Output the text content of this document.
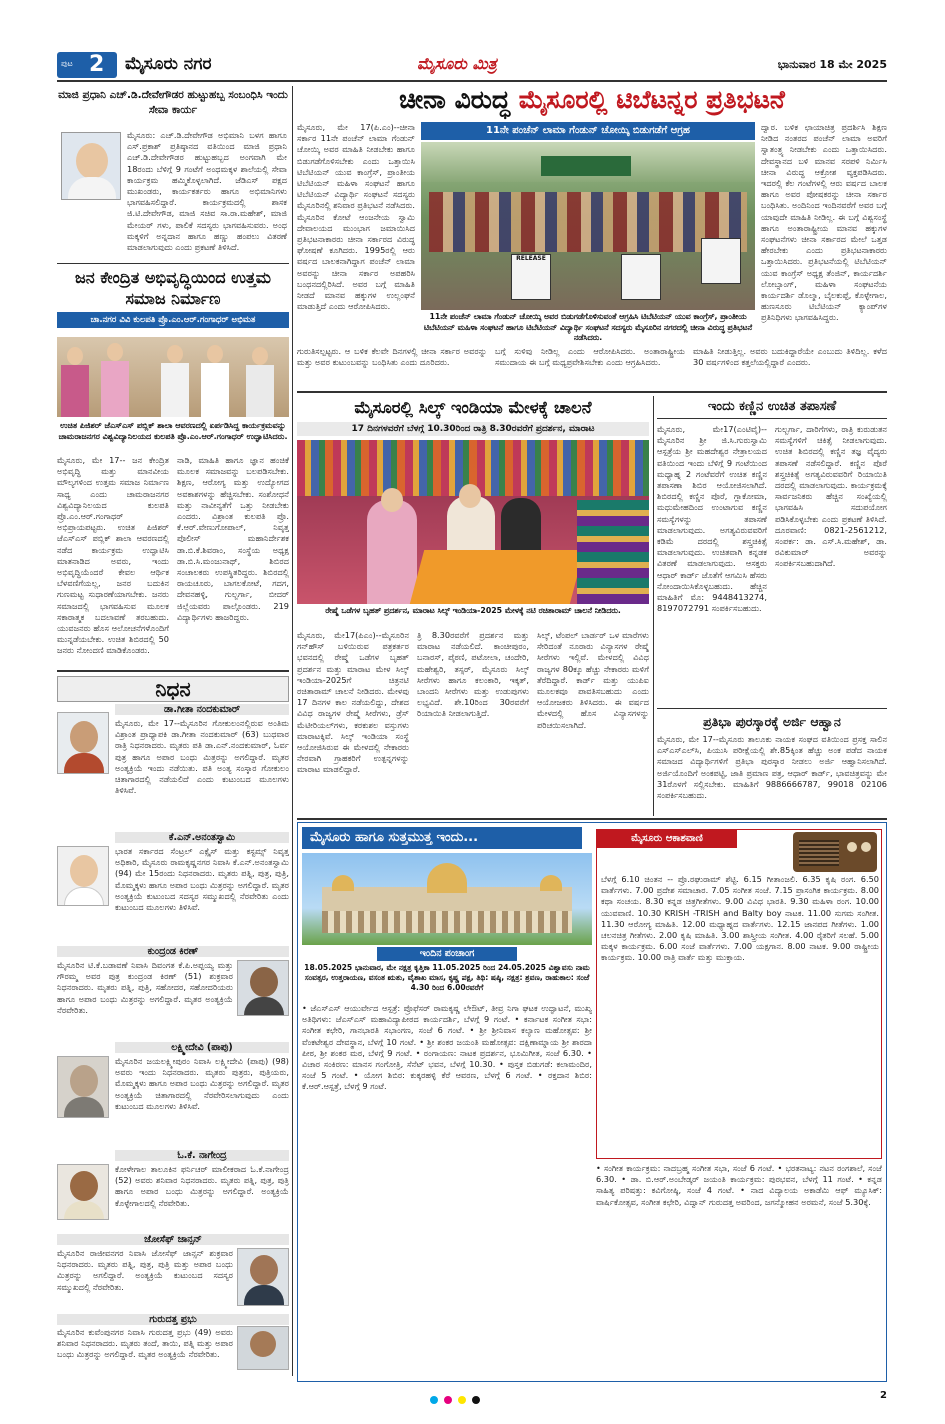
ಪುಟ 2 ಮೈಸೂರು ನಗರ	ಮೈಸೂರು ಮಿತ್ರ	ಭಾನುವಾರ 18 ಮೇ 2025
ಮಾಜಿ ಪ್ರಧಾನಿ ಎಚ್.ಡಿ.ದೇವೇಗೌಡರ ಹುಟ್ಟುಹಬ್ಬ ಸಂಬಂಧಿಸಿ ಇಂದು ಸೇವಾ ಕಾರ್ಯ
ಮೈಸೂರು: ಎಚ್.ಡಿ.ದೇವೇಗೌಡ ಅಭಿಮಾನಿ ಬಳಗ ಹಾಗೂ ಎಸ್.ಪ್ರಕಾಶ್ ಪ್ರತಿಷ್ಠಾನದ ವತಿಯಿಂದ ಮಾಜಿ ಪ್ರಧಾನಿ ಎಚ್.ಡಿ.ದೇವೇಗೌಡರ ಹುಟ್ಟುಹಬ್ಬದ ಅಂಗವಾಗಿ ಮೇ 18ರಂದು ಬೆಳಿಗ್ಗೆ 9 ಗಂಟೆಗೆ ಅಂಧಮಕ್ಕಳ ಶಾಲೆಯಲ್ಲಿ ಸೇವಾ ಕಾರ್ಯಕ್ರಮ ಹಮ್ಮಿಕೊಳ್ಳಲಾಗಿದೆ. ಜೆಡಿಎಸ್ ಪಕ್ಷದ ಮುಖಂಡರು, ಕಾರ್ಯಕರ್ತರು ಹಾಗೂ ಅಭಿಮಾನಿಗಳು ಭಾಗವಹಿಸಲಿದ್ದಾರೆ. ಕಾರ್ಯಕ್ರಮದಲ್ಲಿ ಶಾಸಕ ಜಿ.ಟಿ.ದೇವೇಗೌಡ, ಮಾಜಿ ಸಚಿವ ಸಾ.ರಾ.ಮಹೇಶ್, ಮಾಜಿ ಮೇಯರ್ ಗಳು, ಪಾಲಿಕೆ ಸದಸ್ಯರು ಭಾಗವಹಿಸುವರು. ಅಂಧ ಮಕ್ಕಳಿಗೆ ಅನ್ನದಾನ ಹಾಗೂ ಹಣ್ಣು ಹಂಪಲು ವಿತರಣೆ ಮಾಡಲಾಗುವುದು ಎಂದು ಪ್ರಕಟಣೆ ತಿಳಿಸಿದೆ.
ಜನ ಕೇಂದ್ರಿತ ಅಭಿವೃದ್ಧಿಯಿಂದ ಉತ್ತಮ ಸಮಾಜ ನಿರ್ಮಾಣ
ಚಾ.ನಗರ ವಿವಿ ಕುಲಪತಿ ಪ್ರೊ.ಎಂ.ಆರ್.ಗಂಗಾಧರ್ ಅಭಿಮತ
ಉಚಿತ ಪಿಜಿಶರ್ ಜೆಎಸ್ಎಸ್ ಪಬ್ಲಿಕ್ ಶಾಲಾ ಆವರಣದಲ್ಲಿ ಏರ್ಪಡಿಸಿದ್ದ ಕಾರ್ಯಕ್ರಮವನ್ನು ಚಾಮರಾಜನಗರ ವಿಶ್ವವಿದ್ಯಾನಿಲಯದ ಕುಲಪತಿ ಪ್ರೊ.ಎಂ.ಆರ್.ಗಂಗಾಧರ್ ಉದ್ಘಾಟಿಸಿದರು.
ಮೈಸೂರು, ಮೇ 17-- ಜನ ಕೇಂದ್ರಿತ ಅಭಿವೃದ್ಧಿ ಮತ್ತು ಮಾನವೀಯ ಮೌಲ್ಯಗಳಿಂದ ಉತ್ತಮ ಸಮಾಜ ನಿರ್ಮಾಣ ಸಾಧ್ಯ ಎಂದು ಚಾಮರಾಜನಗರ ವಿಶ್ವವಿದ್ಯಾನಿಲಯದ ಕುಲಪತಿ ಪ್ರೊ.ಎಂ.ಆರ್.ಗಂಗಾಧರ್ ಅಭಿಪ್ರಾಯಪಟ್ಟರು. ಉಚಿತ ಪಿಜಿಶರ್ ಜೆಎಸ್ಎಸ್ ಪಬ್ಲಿಕ್ ಶಾಲಾ ಆವರಣದಲ್ಲಿ ನಡೆದ ಕಾರ್ಯಕ್ರಮ ಉದ್ಘಾಟಿಸಿ ಮಾತನಾಡಿದ ಅವರು, ಇಂದು ಅಭಿವೃದ್ಧಿಯೆಂದರೆ ಕೇವಲ ಆರ್ಥಿಕ ಬೆಳವಣಿಗೆಯಲ್ಲ, ಜನರ ಬದುಕಿನ ಗುಣಮಟ್ಟ ಸುಧಾರಣೆಯಾಗಬೇಕು. ಜನರು ಸಮಾಜದಲ್ಲಿ ಭಾಗವಹಿಸುವ ಮೂಲಕ ಸಕಾರಾತ್ಮಕ ಬದಲಾವಣೆ ತರಬಹುದು. ಯುವಜನರು ಹೊಸ ಆಲೋಚನೆಗಳೊಂದಿಗೆ ಮುನ್ನಡೆಯಬೇಕು. ಉಚಿತ ಶಿಬಿರದಲ್ಲಿ 50 ಜನರು ನೋಂದಣಿ ಮಾಡಿಕೊಂಡರು.
ನಾಡಿ, ಮಾಹಿತಿ ಹಾಗೂ ಜ್ಞಾನ ಹಂಚಿಕೆ ಮೂಲಕ ಸಮಾಜವನ್ನು ಬಲಪಡಿಸಬೇಕು. ಶಿಕ್ಷಣ, ಆರೋಗ್ಯ ಮತ್ತು ಉದ್ಯೋಗದ ಅವಕಾಶಗಳನ್ನು ಹೆಚ್ಚಿಸಬೇಕು. ಸಂಶೋಧನೆ ಮತ್ತು ನಾವೀನ್ಯತೆಗೆ ಒತ್ತು ನೀಡಬೇಕು ಎಂದರು. ವಿಶ್ರಾಂತ ಕುಲಪತಿ ಪ್ರೊ. ಕೆ.ಆರ್.ವೇಣುಗೋಪಾಲ್, ನಿವೃತ್ತ ಪೊಲೀಸ್ ಮಹಾನಿರ್ದೇಶಕ ಡಾ.ಬಿ.ಕೆ.ಶಿವರಾಂ, ಸಂಸ್ಥೆಯ ಅಧ್ಯಕ್ಷ ಡಾ.ಬಿ.ಸಿ.ಮಂಜುನಾಥ್, ಶಿಬಿರದ ಸಂಚಾಲಕರು ಉಪಸ್ಥಿತರಿದ್ದರು. ಶಿಬಿರದಲ್ಲಿ ರಾಯಚೂರು, ಬಾಗಲಕೋಟೆ, ಗದಗ, ದೇವನಹಳ್ಳಿ, ಗುಲ್ಬರ್ಗಾ, ಬೀದರ್ ಜಿಲ್ಲೆಯವರು ಪಾಲ್ಗೊಂಡರು. 219 ವಿದ್ಯಾರ್ಥಿಗಳು ಹಾಜರಿದ್ದರು.
ನಿಧನ
ಡಾ.ಗೀತಾ ನಂದಕುಮಾರ್
ಮೈಸೂರು, ಮೇ 17--ಮೈಸೂರಿನ ಗೋಕುಲಂನಲ್ಲಿರುವ ಅಂತಿಮ ವಿಶ್ರಾಂತ ಪ್ರಾಧ್ಯಾಪಕಿ ಡಾ.ಗೀತಾ ನಂದಕುಮಾರ್ (63) ಬುಧವಾರ ರಾತ್ರಿ ನಿಧನರಾದರು. ಮೃತರು ಪತಿ ಡಾ.ಎನ್.ನಂದಕುಮಾರ್, ಓರ್ವ ಪುತ್ರ ಹಾಗೂ ಅಪಾರ ಬಂಧು ಮಿತ್ರರನ್ನು ಅಗಲಿದ್ದಾರೆ. ಮೃತರ ಅಂತ್ಯಕ್ರಿಯೆ ಇಂದು ನಡೆಯಿತು. ಪತಿ ಅಂತ್ಯ ಸಂಸ್ಕಾರ ಗೋಕುಲಂ ಚಿತಾಗಾರದಲ್ಲಿ ನಡೆಯಲಿದೆ ಎಂದು ಕುಟುಂಬದ ಮೂಲಗಳು ತಿಳಿಸಿವೆ.
ಕೆ.ಎನ್.ಅನಂತಸ್ವಾಮಿ
ಭಾರತ ಸರ್ಕಾರದ ಸೆಂಟ್ರಲ್ ಎಕ್ಸೈಸ್ ಮತ್ತು ಕಸ್ಟಮ್ಸ್ ನಿವೃತ್ತ ಅಧಿಕಾರಿ, ಮೈಸೂರು ರಾಮಕೃಷ್ಣನಗರ ನಿವಾಸಿ ಕೆ.ಎನ್.ಅನಂತಸ್ವಾಮಿ (94) ಮೇ 15ರಂದು ನಿಧನರಾದರು. ಮೃತರು ಪತ್ನಿ, ಪುತ್ರ, ಪುತ್ರಿ, ಮೊಮ್ಮಕ್ಕಳು ಹಾಗೂ ಅಪಾರ ಬಂಧು ಮಿತ್ರರನ್ನು ಅಗಲಿದ್ದಾರೆ. ಮೃತರ ಅಂತ್ಯಕ್ರಿಯೆ ಕುಟುಂಬದ ಸದಸ್ಯರ ಸಮ್ಮುಖದಲ್ಲಿ ನೆರವೇರಿತು ಎಂದು ಕುಟುಂಬದ ಮೂಲಗಳು ತಿಳಿಸಿವೆ.
ಕುಂದ್ರಂಡ ಕಿರಣ್
ಮೈಸೂರಿನ ಟಿ.ಕೆ.ಬಡಾವಣೆ ನಿವಾಸಿ ದಿವಂಗತ ಕೆ.ಪಿ.ಅಪ್ಪಯ್ಯ ಮತ್ತು ಗೌರಮ್ಮ ಅವರ ಪುತ್ರ ಕುಂದ್ರಂಡ ಕಿರಣ್ (51) ಶುಕ್ರವಾರ ನಿಧನರಾದರು. ಮೃತರು ಪತ್ನಿ, ಪುತ್ರಿ, ಸಹೋದರ, ಸಹೋದರಿಯರು ಹಾಗೂ ಅಪಾರ ಬಂಧು ಮಿತ್ರರನ್ನು ಅಗಲಿದ್ದಾರೆ. ಮೃತರ ಅಂತ್ಯಕ್ರಿಯೆ ನೆರವೇರಿತು.
ಲಕ್ಷ್ಮೀದೇವಿ (ಪಾಪು)
ಮೈಸೂರಿನ ಜಯಲಕ್ಷ್ಮೀಪುರಂ ನಿವಾಸಿ ಲಕ್ಷ್ಮೀದೇವಿ (ಪಾಪು) (98) ಅವರು ಇಂದು ನಿಧನರಾದರು. ಮೃತರು ಪುತ್ರರು, ಪುತ್ರಿಯರು, ಮೊಮ್ಮಕ್ಕಳು ಹಾಗೂ ಅಪಾರ ಬಂಧು ಮಿತ್ರರನ್ನು ಅಗಲಿದ್ದಾರೆ. ಮೃತರ ಅಂತ್ಯಕ್ರಿಯೆ ಚಿತಾಗಾರದಲ್ಲಿ ನೆರವೇರಿಸಲಾಗುವುದು ಎಂದು ಕುಟುಂಬದ ಮೂಲಗಳು ತಿಳಿಸಿವೆ.
ಓ.ಕೆ. ನಾಗೇಂದ್ರ
ಕೋಳೇಗಾಲ ತಾಲೂಕಿನ ಫರ್ನಿಚರ್ ಮಾಲೀಕರಾದ ಓ.ಕೆ.ನಾಗೇಂದ್ರ (52) ಅವರು ಶನಿವಾರ ನಿಧನರಾದರು. ಮೃತರು ಪತ್ನಿ, ಪುತ್ರ, ಪುತ್ರಿ ಹಾಗೂ ಅಪಾರ ಬಂಧು ಮಿತ್ರರನ್ನು ಅಗಲಿದ್ದಾರೆ. ಅಂತ್ಯಕ್ರಿಯೆ ಕೊಳ್ಳೇಗಾಲದಲ್ಲಿ ನೆರವೇರಿತು.
ಜೋಸೆಫ್ ಜಾನ್ಸನ್
ಮೈಸೂರಿನ ರಾಜೀವನಗರ ನಿವಾಸಿ ಜೋಸೆಫ್ ಜಾನ್ಸನ್ ಶುಕ್ರವಾರ ನಿಧನರಾದರು. ಮೃತರು ಪತ್ನಿ, ಪುತ್ರ, ಪುತ್ರಿ ಮತ್ತು ಅಪಾರ ಬಂಧು ಮಿತ್ರರನ್ನು ಅಗಲಿದ್ದಾರೆ. ಅಂತ್ಯಕ್ರಿಯೆ ಕುಟುಂಬದ ಸದಸ್ಯರ ಸಮ್ಮುಖದಲ್ಲಿ ನೆರವೇರಿತು.
ಗುರುದತ್ತ ಪ್ರಭು
ಮೈಸೂರಿನ ಕುವೆಂಪುನಗರ ನಿವಾಸಿ ಗುರುದತ್ತ ಪ್ರಭು (49) ಅವರು ಶನಿವಾರ ನಿಧನರಾದರು. ಮೃತರು ತಂದೆ, ತಾಯಿ, ಪತ್ನಿ ಮತ್ತು ಅಪಾರ ಬಂಧು ಮಿತ್ರರನ್ನು ಅಗಲಿದ್ದಾರೆ. ಮೃತರ ಅಂತ್ಯಕ್ರಿಯೆ ನೆರವೇರಿತು.
ಚೀನಾ ವಿರುದ್ಧ ಮೈಸೂರಲ್ಲಿ ಟಿಬೆಟನ್ನರ ಪ್ರತಿಭಟನೆ
ಮೈಸೂರು, ಮೇ 17(ಪಿ.ಎಂ)--ಚೀನಾ ಸರ್ಕಾರ 11ನೇ ಪಂಚೆನ್ ಲಾಮಾ ಗೆಂಡುನ್ ಚೋಯ್ಕಿ ಅವರ ಮಾಹಿತಿ ನೀಡಬೇಕು ಹಾಗೂ ಬಿಡುಗಡೆಗೊಳಿಸಬೇಕು ಎಂದು ಒತ್ತಾಯಿಸಿ ಟಿಬೆಟಿಯನ್ ಯುವ ಕಾಂಗ್ರೆಸ್, ಪ್ರಾಂತೀಯ ಟಿಬೆಟಿಯನ್ ಮಹಿಳಾ ಸಂಘಟನೆ ಹಾಗೂ ಟಿಬೆಟಿಯನ್ ವಿದ್ಯಾರ್ಥಿ ಸಂಘಟನೆ ಸದಸ್ಯರು ಮೈಸೂರಿನಲ್ಲಿ ಶನಿವಾರ ಪ್ರತಿಭಟನೆ ನಡೆಸಿದರು. ಮೈಸೂರಿನ ಕೋಟೆ ಆಂಜನೇಯ ಸ್ವಾಮಿ ದೇವಾಲಯದ ಮುಂಭಾಗ ಜಮಾಯಿಸಿದ ಪ್ರತಿಭಟನಾಕಾರರು ಚೀನಾ ಸರ್ಕಾರದ ವಿರುದ್ಧ ಘೋಷಣೆ ಕೂಗಿದರು. 1995ರಲ್ಲಿ ಆರು ವರ್ಷದ ಬಾಲಕನಾಗಿದ್ದಾಗ ಪಂಚೆನ್ ಲಾಮಾ ಅವರನ್ನು ಚೀನಾ ಸರ್ಕಾರ ಅಪಹರಿಸಿ ಬಂಧನದಲ್ಲಿರಿಸಿದೆ. ಅವರ ಬಗ್ಗೆ ಮಾಹಿತಿ ನೀಡದೆ ಮಾನವ ಹಕ್ಕುಗಳ ಉಲ್ಲಂಘನೆ ಮಾಡುತ್ತಿದೆ ಎಂದು ಆರೋಪಿಸಿದರು.
11ನೇ ಪಂಚೆನ್ ಲಾಮಾ ಗೆಂಡುನ್ ಚೋಯ್ಕಿ ಬಿಡುಗಡೆಗೆ ಆಗ್ರಹ
RELEASE
11ನೇ ಪಂಚೆನ್ ಲಾಮಾ ಗೆಂಡುನ್ ಚೋಯ್ಕಿ ಅವರ ಬಿಡುಗಡೆಗೊಳಿಸುವಂತೆ ಆಗ್ರಹಿಸಿ ಟಿಬೆಟಿಯನ್ ಯುವ ಕಾಂಗ್ರೆಸ್, ಪ್ರಾಂತೀಯ ಟಿಬೆಟಿಯನ್ ಮಹಿಳಾ ಸಂಘಟನೆ ಹಾಗೂ ಟಿಬೆಟಿಯನ್ ವಿದ್ಯಾರ್ಥಿ ಸಂಘಟನೆ ಸದಸ್ಯರು ಮೈಸೂರಿನ ನಗರದಲ್ಲಿ ಚೀನಾ ವಿರುದ್ಧ ಪ್ರತಿಭಟನೆ ನಡೆಸಿದರು.
ದ್ವಾರ. ಬಳಿಕ ಛಾಯಾಚಿತ್ರ ಪ್ರದರ್ಶಿಸಿ ಶಿಕ್ಷಣ ನೀಡಿದ ನಂತರದ ಪಂಚೆನ್ ಲಾಮಾ ಅವರಿಗೆ ಸ್ವಾತಂತ್ರ್ಯ ನೀಡಬೇಕು ಎಂದು ಒತ್ತಾಯಿಸಿದರು. ದೇವಸ್ಥಾನದ ಬಳಿ ಮಾನವ ಸರಪಳಿ ನಿರ್ಮಿಸಿ ಚೀನಾ ವಿರುದ್ಧ ಆಕ್ರೋಶ ವ್ಯಕ್ತಪಡಿಸಿದರು. ಇದರಲ್ಲಿ ಕೆಲ ಗಂಟೆಗಳಲ್ಲಿ ಆರು ವರ್ಷದ ಬಾಲಕ ಹಾಗೂ ಅವರ ಪೋಷಕರನ್ನು ಚೀನಾ ಸರ್ಕಾರ ಬಂಧಿಸಿತು. ಅಂದಿನಿಂದ ಇಂದಿನವರೆಗೆ ಅವರ ಬಗ್ಗೆ ಯಾವುದೇ ಮಾಹಿತಿ ನೀಡಿಲ್ಲ. ಈ ಬಗ್ಗೆ ವಿಶ್ವಸಂಸ್ಥೆ ಹಾಗೂ ಅಂತಾರಾಷ್ಟ್ರೀಯ ಮಾನವ ಹಕ್ಕುಗಳ ಸಂಘಟನೆಗಳು ಚೀನಾ ಸರ್ಕಾರದ ಮೇಲೆ ಒತ್ತಡ ಹೇರಬೇಕು ಎಂದು ಪ್ರತಿಭಟನಾಕಾರರು ಒತ್ತಾಯಿಸಿದರು. ಪ್ರತಿಭಟನೆಯಲ್ಲಿ ಟಿಬೆಟಿಯನ್ ಯುವ ಕಾಂಗ್ರೆಸ್ ಅಧ್ಯಕ್ಷ ತೆಂಜಿನ್, ಕಾರ್ಯದರ್ಶಿ ಲೋಬ್ಸಾಂಗ್, ಮಹಿಳಾ ಸಂಘಟನೆಯ ಕಾರ್ಯದರ್ಶಿ ಡೊಲ್ಮಾ, ಬೈಲಕುಪ್ಪೆ, ಕೊಳ್ಳೇಗಾಲ, ಹುಣಸೂರು ಟಿಬೆಟಿಯನ್ ಕ್ಯಾಂಪ್‌ಗಳ ಪ್ರತಿನಿಧಿಗಳು ಭಾಗವಹಿಸಿದ್ದರು.
ಗುರುತಿಸಲ್ಪಟ್ಟರು. ಆ ಬಳಿಕ ಕೆಲವೇ ದಿನಗಳಲ್ಲಿ ಚೀನಾ ಸರ್ಕಾರ ಅವರನ್ನು ಮತ್ತು ಅವರ ಕುಟುಂಬವನ್ನು ಬಂಧಿಸಿತು ಎಂದು ದೂರಿದರು.
ಬಗ್ಗೆ ಸುಳಿವು ನೀಡಿಲ್ಲ ಎಂದು ಆರೋಪಿಸಿದರು. ಅಂತಾರಾಷ್ಟ್ರೀಯ ಸಮುದಾಯ ಈ ಬಗ್ಗೆ ಮಧ್ಯಪ್ರವೇಶಿಸಬೇಕು ಎಂದು ಆಗ್ರಹಿಸಿದರು.
ಮಾಹಿತಿ ನೀಡುತ್ತಿಲ್ಲ. ಅವರು ಬದುಕಿದ್ದಾರೆಯೇ ಎಂಬುದು ತಿಳಿದಿಲ್ಲ. ಕಳೆದ 30 ವರ್ಷಗಳಿಂದ ಕತ್ತಲೆಯಲ್ಲಿದ್ದಾರೆ ಎಂದರು.
ಮೈಸೂರಲ್ಲಿ ಸಿಲ್ಕ್ ಇಂಡಿಯಾ ಮೇಳಕ್ಕೆ ಚಾಲನೆ
17 ದಿನಗಳವರೆಗೆ ಬೆಳಗ್ಗೆ 10.30ರಿಂದ ರಾತ್ರಿ 8.30ರವರೆಗೆ ಪ್ರದರ್ಶನ, ಮಾರಾಟ
ರೇಷ್ಮೆ ಒಡೆಗಳ ಬೃಹತ್ ಪ್ರದರ್ಶನ, ಮಾರಾಟ ಸಿಲ್ಕ್ ಇಂಡಿಯಾ-2025 ಮೇಳಕ್ಕೆ ನಟಿ ರಚಿತಾರಾಮ್ ಚಾಲನೆ ನೀಡಿದರು.
ಮೈಸೂರು, ಮೇ17(ಪಿಎಂ)--ಮೈಸೂರಿನ ಗನ್‌ಹೌಸ್ ಬಳಿಯಿರುವ ಪತ್ರಕರ್ತರ ಭವನದಲ್ಲಿ ರೇಷ್ಮೆ ಒಡೆಗಳ ಬೃಹತ್ ಪ್ರದರ್ಶನ ಮತ್ತು ಮಾರಾಟ ಮೇಳ ಸಿಲ್ಕ್ ಇಂಡಿಯಾ-2025ಗೆ ಚಿತ್ರನಟಿ ರಚಿತಾರಾಮ್ ಚಾಲನೆ ನೀಡಿದರು. ಮೇಳವು 17 ದಿನಗಳ ಕಾಲ ನಡೆಯಲಿದ್ದು, ದೇಶದ ವಿವಿಧ ರಾಜ್ಯಗಳ ರೇಷ್ಮೆ ಸೀರೆಗಳು, ಡ್ರೆಸ್ ಮೆಟೀರಿಯಲ್‌ಗಳು, ಕರಕುಶಲ ವಸ್ತುಗಳು ಮಾರಾಟಕ್ಕಿವೆ. ಸಿಲ್ಕ್ ಇಂಡಿಯಾ ಸಂಸ್ಥೆ ಆಯೋಜಿಸಿರುವ ಈ ಮೇಳದಲ್ಲಿ ನೇಕಾರರು ನೇರವಾಗಿ ಗ್ರಾಹಕರಿಗೆ ಉತ್ಪನ್ನಗಳನ್ನು ಮಾರಾಟ ಮಾಡಲಿದ್ದಾರೆ.
ತ್ರಿ 8.30ರವರೆಗೆ ಪ್ರದರ್ಶನ ಮತ್ತು ಮಾರಾಟ ನಡೆಯಲಿದೆ. ಕಾಂಚೀಪುರಂ, ಬನಾರಸ್, ಪೈಠಣಿ, ಪಟೋಲಾ, ಚಂದೇರಿ, ಮಹೇಶ್ವರಿ, ತಸ್ಸರ್, ಮೈಸೂರು ಸಿಲ್ಕ್ ಸೀರೆಗಳು ಹಾಗೂ ಕಲಂಕಾರಿ, ಇಕ್ಕತ್, ಬಾಂದನಿ ಸೀರೆಗಳು ಮತ್ತು ಉಡುಪುಗಳು ಲಭ್ಯವಿದೆ. ಶೇ.10ರಿಂದ 30ರವರೆಗೆ ರಿಯಾಯಿತಿ ನೀಡಲಾಗುತ್ತಿದೆ.
ಸಿಲ್ಕ್, ಟೆಂಪಲ್ ಬಾರ್ಡರ್ ಒಳ ಮಾರೆಗಳು ಸೇರಿದಂತೆ ನೂರಾರು ವಿನ್ಯಾಸಗಳ ರೇಷ್ಮೆ ಸೀರೆಗಳು ಇಲ್ಲಿವೆ. ಮೇಳದಲ್ಲಿ ವಿವಿಧ ರಾಜ್ಯಗಳ 80ಕ್ಕೂ ಹೆಚ್ಚು ನೇಕಾರರು ಮಳಿಗೆ ತೆರೆದಿದ್ದಾರೆ. ಕಾರ್ಡ್ ಮತ್ತು ಯುಪಿಐ ಮೂಲಕವೂ ಪಾವತಿಸಬಹುದು ಎಂದು ಆಯೋಜಕರು ತಿಳಿಸಿದರು. ಈ ವರ್ಷದ ಮೇಳದಲ್ಲಿ ಹೊಸ ವಿನ್ಯಾಸಗಳನ್ನು ಪರಿಚಯಿಸಲಾಗಿದೆ.
ಇಂದು ಕಣ್ಣಿನ ಉಚಿತ ತಪಾಸಣೆ
ಮೈಸೂರು, ಮೇ17(ಎಂಟಿವೈ)--ಮೈಸೂರಿನ ಶ್ರೀ ಜಿ.ಸಿ.ಗುರುಸ್ವಾಮಿ ಆಸ್ಪತ್ರೆಯ ಶ್ರೀ ಮಹದೇಶ್ವರ ನೇತ್ರಾಲಯದ ವತಿಯಿಂದ ಇಂದು ಬೆಳಿಗ್ಗೆ 9 ಗಂಟೆಯಿಂದ ಮಧ್ಯಾಹ್ನ 2 ಗಂಟೆವರೆಗೆ ಉಚಿತ ಕಣ್ಣಿನ ತಪಾಸಣಾ ಶಿಬಿರ ಆಯೋಜಿಸಲಾಗಿದೆ. ಶಿಬಿರದಲ್ಲಿ ಕಣ್ಣಿನ ಪೊರೆ, ಗ್ಲಾಕೋಮಾ, ಮಧುಮೇಹದಿಂದ ಉಂಟಾಗುವ ಕಣ್ಣಿನ ಸಮಸ್ಯೆಗಳನ್ನು ತಪಾಸಣೆ ಮಾಡಲಾಗುವುದು. ಅಗತ್ಯವಿರುವವರಿಗೆ ಕಡಿಮೆ ದರದಲ್ಲಿ ಶಸ್ತ್ರಚಿಕಿತ್ಸೆ ಮಾಡಲಾಗುವುದು. ಉಚಿತವಾಗಿ ಕನ್ನಡಕ ವಿತರಣೆ ಮಾಡಲಾಗುವುದು. ಆಸಕ್ತರು ಆಧಾರ್ ಕಾರ್ಡ್ ಜೊತೆಗೆ ಆಗಮಿಸಿ ಹೆಸರು ನೋಂದಾಯಿಸಿಕೊಳ್ಳಬಹುದು. ಹೆಚ್ಚಿನ ಮಾಹಿತಿಗೆ ಮೊ: 9448413274, 8197072791 ಸಂಪರ್ಕಿಸಬಹುದು.
ಗುಲ್ಬರ್ಗಾ, ದಾರಿಗೆಗಳು, ರಾತ್ರಿ ಕುರುಡುತನ ಸಮಸ್ಯೆಗಳಿಗೆ ಚಿಕಿತ್ಸೆ ನೀಡಲಾಗುವುದು. ಉಚಿತ ಶಿಬಿರದಲ್ಲಿ ಕಣ್ಣಿನ ತಜ್ಞ ವೈದ್ಯರು ತಪಾಸಣೆ ನಡೆಸಲಿದ್ದಾರೆ. ಕಣ್ಣಿನ ಪೊರೆ ಶಸ್ತ್ರಚಿಕಿತ್ಸೆ ಅಗತ್ಯವಿರುವವರಿಗೆ ರಿಯಾಯಿತಿ ದರದಲ್ಲಿ ಮಾಡಲಾಗುವುದು. ಕಾರ್ಯಕ್ರಮಕ್ಕೆ ಸಾರ್ವಜನಿಕರು ಹೆಚ್ಚಿನ ಸಂಖ್ಯೆಯಲ್ಲಿ ಭಾಗವಹಿಸಿ ಸದುಪಯೋಗ ಪಡಿಸಿಕೊಳ್ಳಬೇಕು ಎಂದು ಪ್ರಕಟಣೆ ತಿಳಿಸಿದೆ. ದೂರವಾಣಿ: 0821-2561212, ಸಂಪರ್ಕ: ಡಾ. ಎಸ್.ಸಿ.ಮಹೇಶ್, ಡಾ. ರವಿಕುಮಾರ್ ಅವರನ್ನು ಸಂಪರ್ಕಿಸಬಹುದಾಗಿದೆ.
ಪ್ರತಿಭಾ ಪುರಸ್ಕಾರಕ್ಕೆ ಅರ್ಜಿ ಆಹ್ವಾನ
ಮೈಸೂರು, ಮೇ 17--ಮೈಸೂರು ತಾಲೂಕು ನಾಯಕ ಸಂಘದ ವತಿಯಿಂದ ಪ್ರಸಕ್ತ ಸಾಲಿನ ಎಸ್ಎಸ್ಎಲ್‌ಸಿ, ಪಿಯುಸಿ ಪರೀಕ್ಷೆಯಲ್ಲಿ ಶೇ.85ಕ್ಕಿಂತ ಹೆಚ್ಚು ಅಂಕ ಪಡೆದ ನಾಯಕ ಸಮಾಜದ ವಿದ್ಯಾರ್ಥಿಗಳಿಗೆ ಪ್ರತಿಭಾ ಪುರಸ್ಕಾರ ನೀಡಲು ಅರ್ಜಿ ಆಹ್ವಾನಿಸಲಾಗಿದೆ. ಅರ್ಜಿಯೊಂದಿಗೆ ಅಂಕಪಟ್ಟಿ, ಜಾತಿ ಪ್ರಮಾಣ ಪತ್ರ, ಆಧಾರ್ ಕಾರ್ಡ್, ಭಾವಚಿತ್ರವನ್ನು ಮೇ 31ರೊಳಗೆ ಸಲ್ಲಿಸಬೇಕು. ಮಾಹಿತಿಗೆ 9886666787, 99018 02106 ಸಂಪರ್ಕಿಸಬಹುದು.
ಮೈಸೂರು ಹಾಗೂ ಸುತ್ತಮುತ್ತ ಇಂದು...	ಮೈಸೂರು ಆಕಾಶವಾಣಿ
ಬೆಳಗ್ಗೆ 6.10 ಚಿಂತನ -- ಪ್ರೊ.ರಘುರಾಮ್ ಶೆಟ್ಟಿ. 6.15 ಗೀತಾಂಜಲಿ. 6.35 ಕೃಷಿ ರಂಗ. 6.50 ವಾರ್ತೆಗಳು. 7.00 ಪ್ರದೇಶ ಸಮಾಚಾರ. 7.05 ಸಂಗೀತ ಸಂಜೆ. 7.15 ಪ್ರಾಸಂಗಿಕ ಕಾರ್ಯಕ್ರಮ. 8.00 ಕಥಾ ಸಂಚಯ. 8.30 ಕನ್ನಡ ಚಿತ್ರಗೀತೆಗಳು. 9.00 ವಿವಿಧ ಭಾರತಿ. 9.30 ಮಹಿಳಾ ರಂಗ. 10.00 ಯುವವಾಣಿ. 10.30 KRISH -TRISH and Balty boy ನಾಟಕ. 11.00 ಸುಗಮ ಸಂಗೀತ. 11.30 ಆರೋಗ್ಯ ಮಾಹಿತಿ. 12.00 ಮಧ್ಯಾಹ್ನದ ವಾರ್ತೆಗಳು. 12.15 ಜಾನಪದ ಗೀತೆಗಳು. 1.00 ಚಲನಚಿತ್ರ ಗೀತೆಗಳು. 2.00 ಕೃಷಿ ಮಾಹಿತಿ. 3.00 ಶಾಸ್ತ್ರೀಯ ಸಂಗೀತ. 4.00 ರೈತರಿಗೆ ಸಲಹೆ. 5.00 ಮಕ್ಕಳ ಕಾರ್ಯಕ್ರಮ. 6.00 ಸಂಜೆ ವಾರ್ತೆಗಳು. 7.00 ಯಕ್ಷಗಾನ. 8.00 ನಾಟಕ. 9.00 ರಾಷ್ಟ್ರೀಯ ಕಾರ್ಯಕ್ರಮ. 10.00 ರಾತ್ರಿ ವಾರ್ತೆ ಮತ್ತು ಮುಕ್ತಾಯ.
ಇಂದಿನ ಪಂಚಾಂಗ
18.05.2025 ಭಾನುವಾರ, ಮೇ ನಕ್ಷತ್ರ ಕೃತ್ತಿಕಾ 11.05.2025 ರಿಂದ 24.05.2025 ವಿಶ್ವಾವಸು ನಾಮ ಸಂವತ್ಸರ, ಉತ್ತರಾಯಣ, ವಸಂತ ಋತು, ವೈಶಾಖ ಮಾಸ, ಕೃಷ್ಣ ಪಕ್ಷ, ತಿಥಿ: ಷಷ್ಠಿ, ನಕ್ಷತ್ರ: ಶ್ರವಣ, ರಾಹುಕಾಲ: ಸಂಜೆ 4.30 ರಿಂದ 6.00ರವರೆಗೆ
• ಜೆಎಸ್ಎಸ್ ಆಯುರ್ವೇದ ಆಸ್ಪತ್ರೆ: ಪ್ರೊಫೆಸರ್ ರಾಮಕೃಷ್ಣ ಲೇಔಟ್, ತೀವ್ರ ನಿಗಾ ಘಟಕ ಉದ್ಘಾಟನೆ, ಮುಖ್ಯ ಅತಿಥಿಗಳು: ಜೆಎಸ್ಎಸ್ ಮಹಾವಿದ್ಯಾಪೀಠದ ಕಾರ್ಯದರ್ಶಿ, ಬೆಳಗ್ಗೆ 9 ಗಂಟೆ. • ಕರ್ನಾಟಕ ಸಂಗೀತ ಸಭಾ: ಸಂಗೀತ ಕಛೇರಿ, ಗಾನಭಾರತಿ ಸಭಾಂಗಣ, ಸಂಜೆ 6 ಗಂಟೆ. • ಶ್ರೀ ಶ್ರೀನಿವಾಸ ಕಲ್ಯಾಣ ಮಹೋತ್ಸವ: ಶ್ರೀ ವೆಂಕಟೇಶ್ವರ ದೇವಸ್ಥಾನ, ಬೆಳಗ್ಗೆ 10 ಗಂಟೆ. • ಶ್ರೀ ಶಂಕರ ಜಯಂತಿ ಮಹೋತ್ಸವ: ದಕ್ಷಿಣಾಮ್ನಾಯ ಶ್ರೀ ಶಾರದಾ ಪೀಠ, ಶ್ರೀ ಶಂಕರ ಮಠ, ಬೆಳಗ್ಗೆ 9 ಗಂಟೆ. • ರಂಗಾಯಣ: ನಾಟಕ ಪ್ರದರ್ಶನ, ಭೂಮಿಗೀತ, ಸಂಜೆ 6.30. • ವಿಚಾರ ಸಂಕಿರಣ: ಮಾನಸ ಗಂಗೋತ್ರಿ, ಸೆನೆಟ್ ಭವನ, ಬೆಳಗ್ಗೆ 10.30. • ಪುಸ್ತಕ ಬಿಡುಗಡೆ: ಕಲಾಮಂದಿರ, ಸಂಜೆ 5 ಗಂಟೆ. • ಯೋಗ ಶಿಬಿರ: ಕುಕ್ಕರಹಳ್ಳಿ ಕೆರೆ ಆವರಣ, ಬೆಳಗ್ಗೆ 6 ಗಂಟೆ. • ರಕ್ತದಾನ ಶಿಬಿರ: ಕೆ.ಆರ್.ಆಸ್ಪತ್ರೆ, ಬೆಳಗ್ಗೆ 9 ಗಂಟೆ.
• ಸಂಗೀತ ಕಾರ್ಯಕ್ರಮ: ನಾದಬ್ರಹ್ಮ ಸಂಗೀತ ಸಭಾ, ಸಂಜೆ 6 ಗಂಟೆ. • ಭರತನಾಟ್ಯ: ನಟನ ರಂಗಶಾಲೆ, ಸಂಜೆ 6.30. • ಡಾ. ಬಿ.ಆರ್.ಅಂಬೇಡ್ಕರ್ ಜಯಂತಿ ಕಾರ್ಯಕ್ರಮ: ಪುರಭವನ, ಬೆಳಗ್ಗೆ 11 ಗಂಟೆ. • ಕನ್ನಡ ಸಾಹಿತ್ಯ ಪರಿಷತ್ತು: ಕವಿಗೋಷ್ಠಿ, ಸಂಜೆ 4 ಗಂಟೆ. • ನಾದ ವಿದ್ಯಾಲಯ ಅಕಾಡೆಮಿ ಆಫ್ ಮ್ಯೂಸಿಕ್: ವಾರ್ಷಿಕೋತ್ಸವ, ಸಂಗೀತ ಕಛೇರಿ, ವಿದ್ವಾನ್ ಗುರುದತ್ತ ಅವರಿಂದ, ಜಗನ್ಮೋಹನ ಅರಮನೆ, ಸಂಜೆ 5.30ಕ್ಕೆ.
2
